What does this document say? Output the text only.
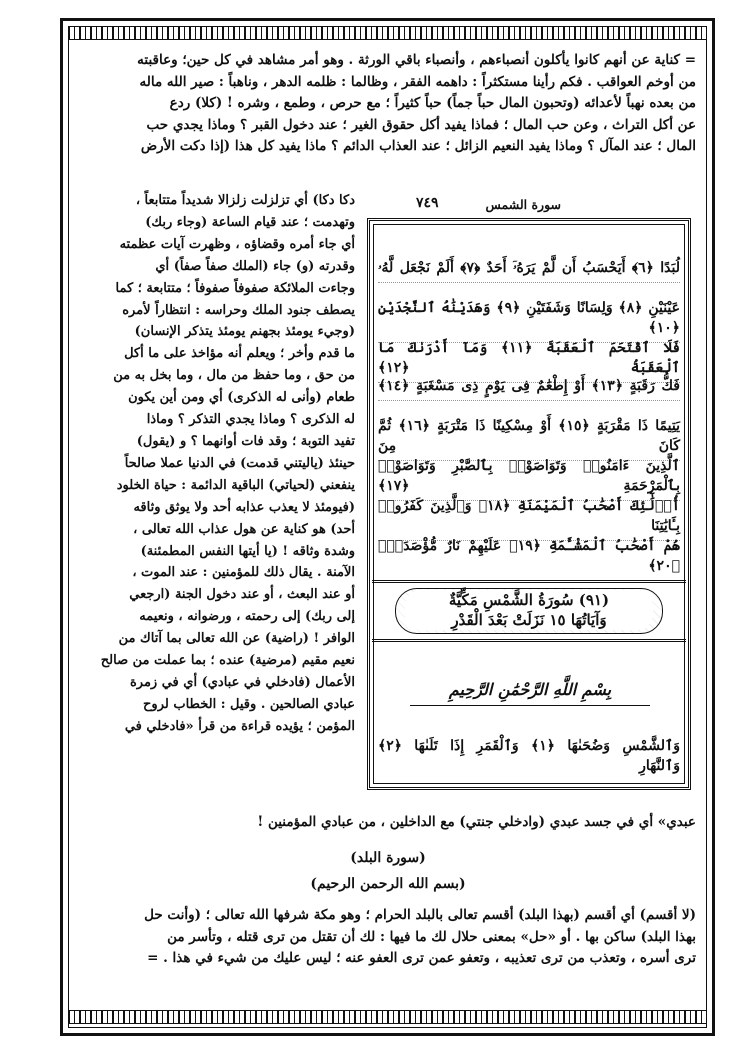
= كناية عن أنهم كانوا يأكلون أنصباءهم ، وأنصباء باقي الورثة . وهو أمر مشاهد في كل حين؛ وعاقبته
من أوخم العواقب . فكم رأينا مستكثراً : داهمه الفقر ، وظالما : ظلمه الدهر ، وناهباً : صير الله ماله
من بعده نهباً لأعدائه (وتحبون المال حباً جماً) حباً كثيراً ؛ مع حرص ، وطمع ، وشره ! (كلا) ردع
عن أكل التراث ، وعن حب المال ؛ فماذا يفيد أكل حقوق الغير ؛ عند دخول القبر ؟ وماذا يجدي حب
المال ؛ عند المآل ؟ وماذا يفيد النعيم الزائل ؛ عند العذاب الدائم ؟ ماذا يفيد كل هذا (إذا دكت الأرض
دكا دكا) أي تزلزلت زلزالا شديداً متتابعاً ،
وتهدمت ؛ عند قيام الساعة (وجاء ربك)
أي جاء أمره وقضاؤه ، وظهرت آيات عظمته
وقدرته (و) جاء (الملك صفاً صفاً) أي
وجاءت الملائكة صفوفاً صفوفاً ؛ متتابعة ؛ كما
يصطف جنود الملك وحراسه : انتظاراً لأمره
(وجيء يومئذ بجهنم يومئذ يتذكر الإنسان)
ما قدم وأخر ؛ ويعلم أنه مؤاخذ على ما أكل
من حق ، وما حفظ من مال ، وما بخل به من
طعام (وأنى له الذكرى) أي ومن أين يكون
له الذكرى ؟ وماذا يجدي التذكر ؟ وماذا
تفيد التوبة ؛ وقد فات أوانهما ؟ و (يقول)
حينئذ (ياليتني قدمت) في الدنيا عملا صالحاً
ينفعني (لحياتي) الباقية الدائمة : حياة الخلود
(فيومئذ لا يعذب عذابه أحد ولا يوثق وثاقه
أحد) هو كناية عن هول عذاب الله تعالى ،
وشدة وثاقه ! (يا أيتها النفس المطمئنة)
الآمنة . يقال ذلك للمؤمنين : عند الموت ،
أو عند البعث ، أو عند دخول الجنة (ارجعي
إلى ربك) إلى رحمته ، ورضوانه ، ونعيمه
الوافر ! (راضية) عن الله تعالى بما آتاك من
نعيم مقيم (مرضية) عنده ؛ بما عملت من صالح
الأعمال (فادخلي في عبادي) أي في زمرة
عبادي الصالحين . وقيل : الخطاب لروح
المؤمن ؛ يؤيده قراءة من قرأ «فادخلي في
سورة الشمس
٧٤٩
لُبَدًا ﴿٦﴾ أَيَحْسَبُ أَن لَّمْ يَرَهُۥٓ أَحَدٌ ﴿٧﴾ أَلَمْ نَجْعَل لَّهُۥ
عَيْنَيْنِ ﴿٨﴾ وَلِسَانًا وَشَفَتَيْنِ ﴿٩﴾ وَهَدَيْنَٰهُ ٱلنَّجْدَيْنِ ﴿١٠﴾
فَلَا ٱقْتَحَمَ ٱلْعَقَبَةَ ﴿١١﴾ وَمَآ أَدْرَىٰكَ مَا ٱلْعَقَبَةُ ﴿١٢﴾
فَكُّ رَقَبَةٍ ﴿١٣﴾ أَوْ إِطْعَٰمٌ فِى يَوْمٍ ذِى مَسْغَبَةٍ ﴿١٤﴾
يَتِيمًا ذَا مَقْرَبَةٍ ﴿١٥﴾ أَوْ مِسْكِينًا ذَا مَتْرَبَةٍ ﴿١٦﴾ ثُمَّ كَانَ مِنَ
ٱلَّذِينَ ءَامَنُوا۟ وَتَوَاصَوْا۟ بِٱلصَّبْرِ وَتَوَاصَوْا۟ بِٱلْمَرْحَمَةِ ﴿١٧﴾
أُو۟لَٰٓئِكَ أَصْحَٰبُ ٱلْمَيْمَنَةِ ﴿١٨﴾ وَٱلَّذِينَ كَفَرُوا۟ بِـَٔايَٰتِنَا
هُمْ أَصْحَٰبُ ٱلْمَشْـَٔمَةِ ﴿١٩﴾ عَلَيْهِمْ نَارٌ مُّؤْصَدَةٌۢ ﴿٢٠﴾
(٩١) سُورَةُ الشَّمْسِ مَكِّيَّةٌ
وَآيَاتُهَا ١٥ نَزَلَتْ بَعْدَ الْقَدْرِ
بِسْمِ اللَّهِ الرَّحْمَٰنِ الرَّحِيمِ
وَٱلشَّمْسِ وَضُحَىٰهَا ﴿١﴾ وَٱلْقَمَرِ إِذَا تَلَىٰهَا ﴿٢﴾ وَٱلنَّهَارِ
عبدي» أي في جسد عبدي (وادخلي جنتي) مع الداخلين ، من عبادي المؤمنين !
(سورة البلد)
(بسم الله الرحمن الرحيم)
(لا أقسم) أي أقسم (بهذا البلد) أقسم تعالى بالبلد الحرام ؛ وهو مكة شرفها الله تعالى ؛ (وأنت حل
بهذا البلد) ساكن بها . أو «حل» بمعنى حلال لك ما فيها : لك أن تقتل من ترى قتله ، وتأسر من
ترى أسره ، وتعذب من ترى تعذيبه ، وتعفو عمن ترى العفو عنه ؛ ليس عليك من شيء في هذا . =
